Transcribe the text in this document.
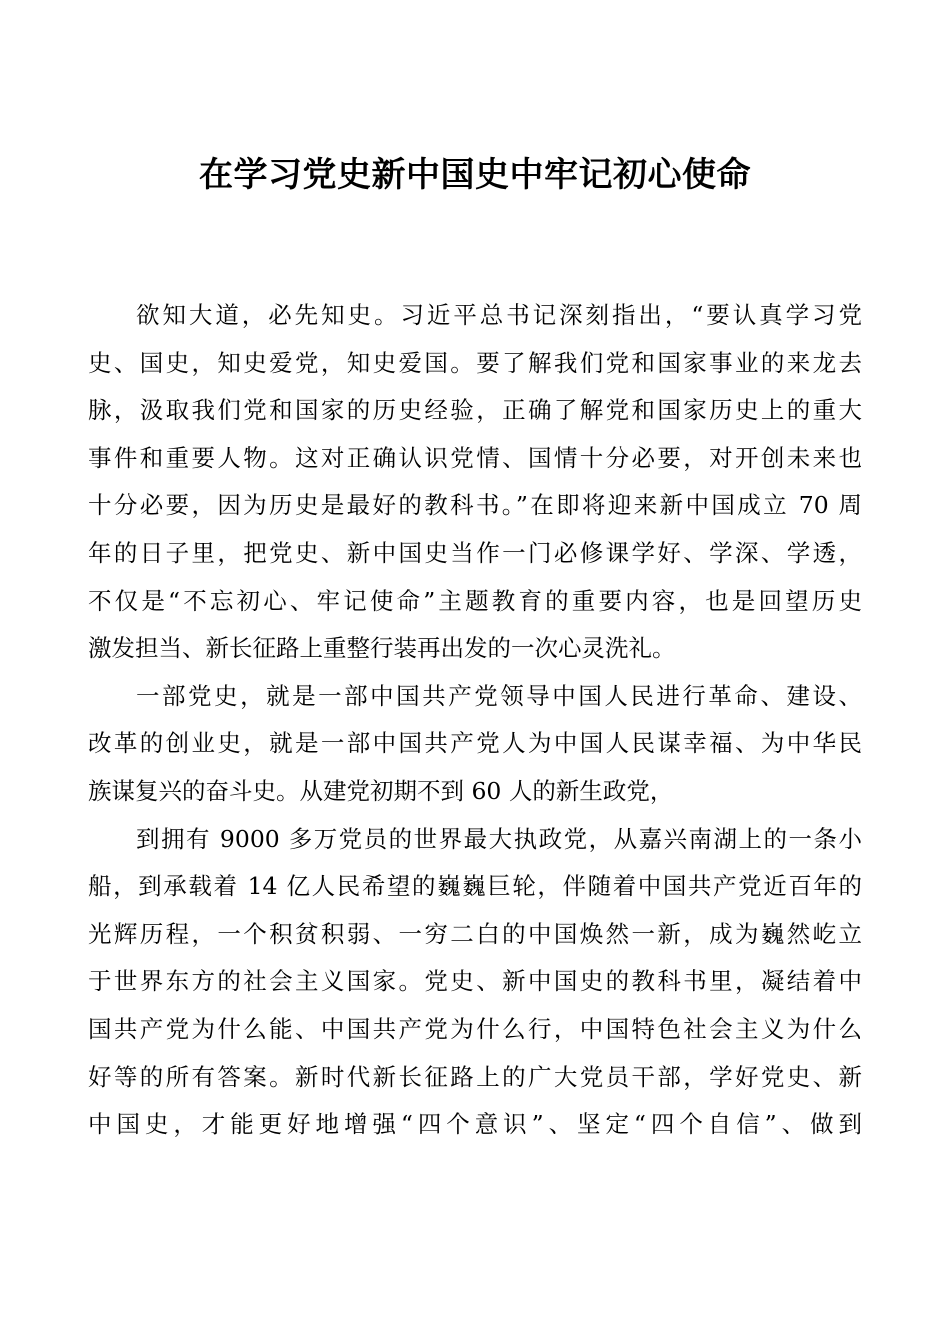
在学习党史新中国史中牢记初心使命
欲知大道，必先知史。习近平总书记深刻指出，“要认真学习党
史、国史，知史爱党，知史爱国。要了解我们党和国家事业的来龙去
脉，汲取我们党和国家的历史经验，正确了解党和国家历史上的重大
事件和重要人物。这对正确认识党情、国情十分必要，对开创未来也
十分必要，因为历史是最好的教科书。”在即将迎来新中国成立 70 周
年的日子里，把党史、新中国史当作一门必修课学好、学深、学透，
不仅是“不忘初心、牢记使命”主题教育的重要内容，也是回望历史
激发担当、新长征路上重整行装再出发的一次心灵洗礼。
一部党史，就是一部中国共产党领导中国人民进行革命、建设、
改革的创业史，就是一部中国共产党人为中国人民谋幸福、为中华民
族谋复兴的奋斗史。从建党初期不到 60 人的新生政党，
到拥有 9000 多万党员的世界最大执政党，从嘉兴南湖上的一条小
船，到承载着 14 亿人民希望的巍巍巨轮，伴随着中国共产党近百年的
光辉历程，一个积贫积弱、一穷二白的中国焕然一新，成为巍然屹立
于世界东方的社会主义国家。党史、新中国史的教科书里，凝结着中
国共产党为什么能、中国共产党为什么行，中国特色社会主义为什么
好等的所有答案。新时代新长征路上的广大党员干部，学好党史、新
中国史，才能更好地增强“四个意识”、坚定“四个自信”、做到
